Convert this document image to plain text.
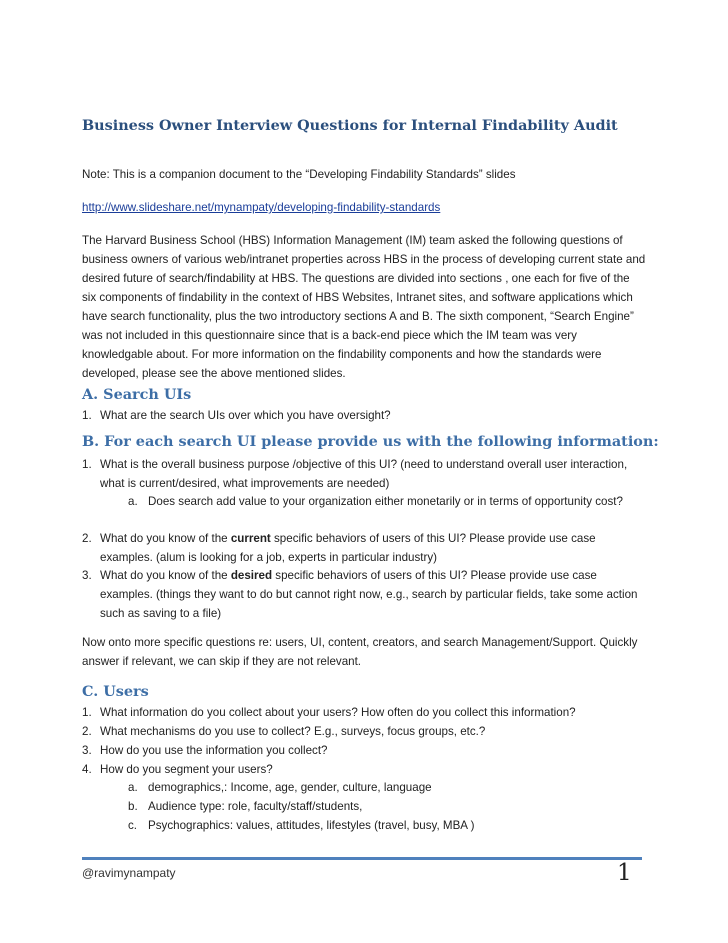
Business Owner Interview Questions for Internal Findability Audit

Note: This is a companion document to the “Developing Findability Standards” slides

http://www.slideshare.net/mynampaty/developing-findability-standards

The Harvard Business School (HBS) Information Management (IM) team asked the following questions of business owners of various web/intranet properties across HBS in the process of developing current state and desired future of search/findability at HBS. The questions are divided into sections , one each for five of the six components of findability in the context of HBS Websites, Intranet sites, and software applications which have search functionality, plus the two introductory sections A and B. The sixth component, “Search Engine” was not included in this questionnaire since that is a back-end piece which the IM team was very knowledgable about. For more information on the findability components and how the standards were developed, please see the above mentioned slides.

A. Search UIs
1. What are the search UIs over which you have oversight?
B. For each search UI please provide us with the following information:
1. What is the overall business purpose /objective of this UI? (need to understand overall user interaction, what is current/desired, what improvements are needed)
a. Does search add value to your organization either monetarily or in terms of opportunity cost?
2. What do you know of the current specific behaviors of users of this UI? Please provide use case examples. (alum is looking for a job, experts in particular industry)
3. What do you know of the desired specific behaviors of users of this UI? Please provide use case examples. (things they want to do but cannot right now, e.g., search by particular fields, take some action such as saving to a file)

Now onto more specific questions re: users, UI, content, creators, and search Management/Support. Quickly answer if relevant, we can skip if they are not relevant.

C. Users
1. What information do you collect about your users? How often do you collect this information?
2. What mechanisms do you use to collect? E.g., surveys, focus groups, etc.?
3. How do you use the information you collect?
4. How do you segment your users?
a. demographics,: Income, age, gender, culture, language
b. Audience type: role, faculty/staff/students,
c. Psychographics: values, attitudes, lifestyles (travel, busy, MBA )
@ravimynampaty	1
